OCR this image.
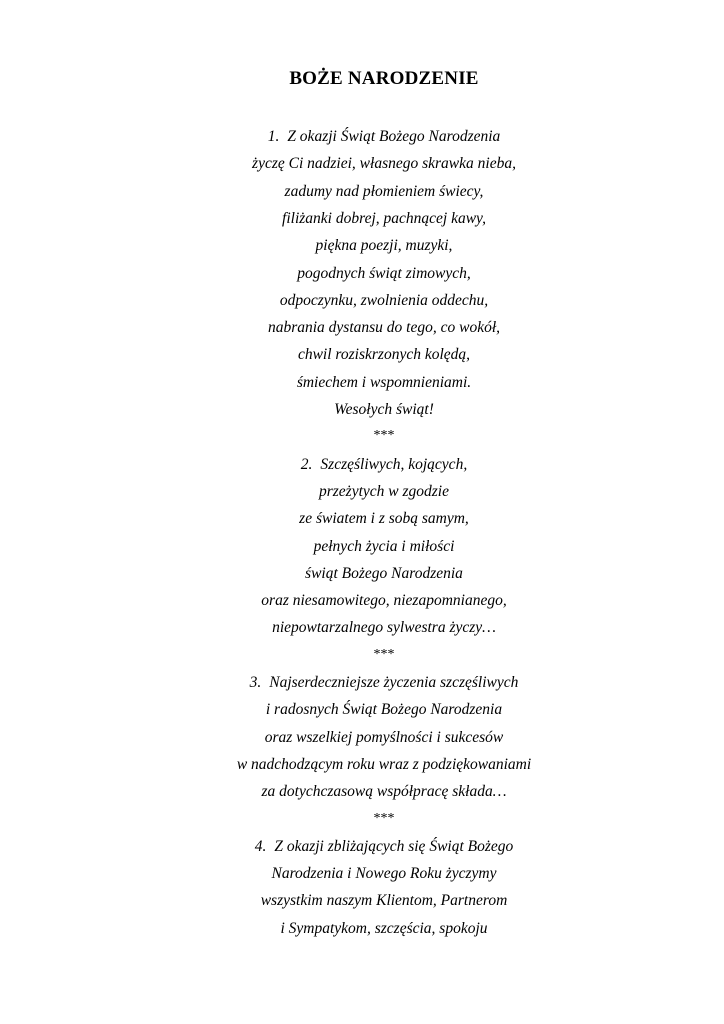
BOŻE NARODZENIE
1. Z okazji Świąt Bożego Narodzenia
życzę Ci nadziei, własnego skrawka nieba,
zadumy nad płomieniem świecy,
filiżanki dobrej, pachnącej kawy,
piękna poezji, muzyki,
pogodnych świąt zimowych,
odpoczynku, zwolnienia oddechu,
nabrania dystansu do tego, co wokół,
chwil roziskrzonych kolędą,
śmiechem i wspomnieniami.
Wesołych świąt!
***
2. Szczęśliwych, kojących,
przeżytych w zgodzie
ze światem i z sobą samym,
pełnych życia i miłości
świąt Bożego Narodzenia
oraz niesamowitego, niezapomnianego,
niepowtarzalnego sylwestra życzy…
***
3. Najserdeczniejsze życzenia szczęśliwych
i radosnych Świąt Bożego Narodzenia
oraz wszelkiej pomyślności i sukcesów
w nadchodzącym roku wraz z podziękowaniami
za dotychczasową współpracę składa…
***
4. Z okazji zbliżających się Świąt Bożego
Narodzenia i Nowego Roku życzymy
wszystkim naszym Klientom, Partnerom
i Sympatykom, szczęścia, spokoju
